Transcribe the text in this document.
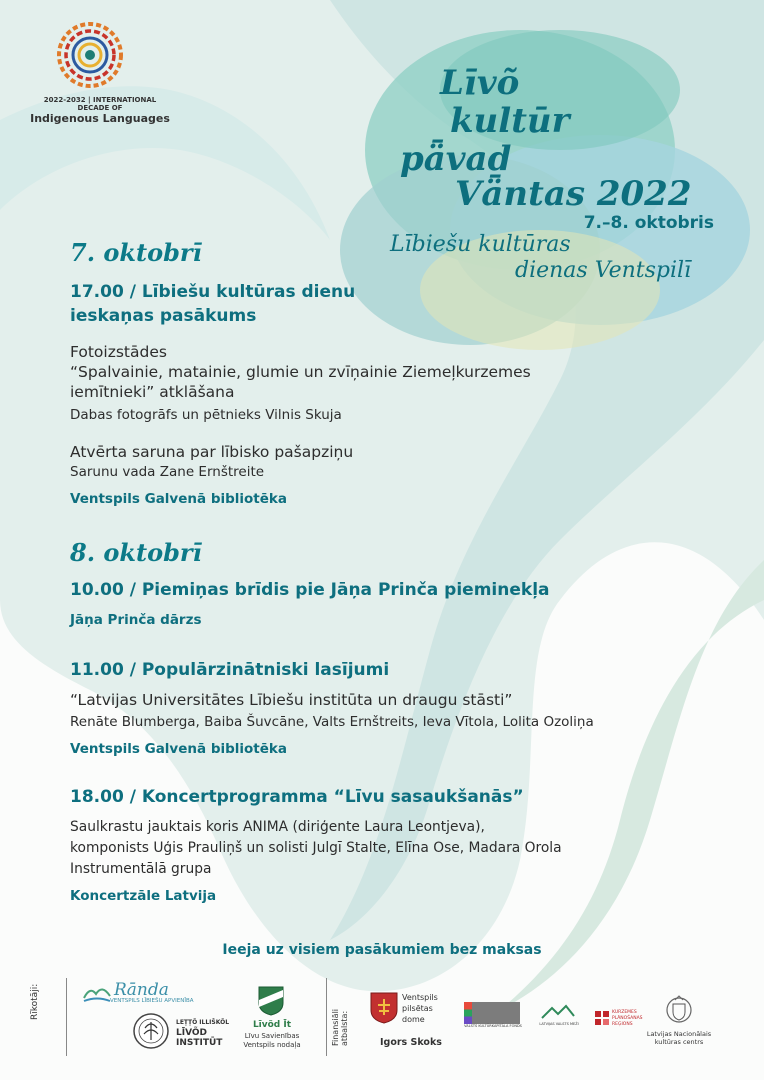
2022-2032 | INTERNATIONAL DECADE OF
Indigenous Languages
Līvõ
kultūr
pǟvad
Vǟntas 2022
7.–8. oktobris
Lībiešu kultūras
dienas Ventspilī
7. oktobrī
17.00 / Lībiešu kultūras dienu
ieskaņas pasākums
Fotoizstādes
“Spalvainie, matainie, glumie un zvīņainie Ziemeļkurzemes
iemītnieki” atklāšana
Dabas fotogrāfs un pētnieks Vilnis Skuja
Atvērta saruna par lībisko pašapziņu
Sarunu vada Zane Ernštreite
Ventspils Galvenā bibliotēka
8. oktobrī
10.00 / Piemiņas brīdis pie Jāņa Prinča pieminekļa
Jāņa Prinča dārzs
11.00 / Populārzinātniski lasījumi
“Latvijas Universitātes Lībiešu institūta un draugu stāsti”
Renāte Blumberga, Baiba Šuvcāne, Valts Ernštreits, Ieva Vītola, Lolita Ozoliņa
Ventspils Galvenā bibliotēka
18.00 / Koncertprogramma “Līvu sasaukšanās”
Saulkrastu jauktais koris ANIMA (diriģente Laura Leontjeva),
komponists Uģis Prauliņš un solisti Julgī Stalte, Elīna Ose, Madara Orola
Instrumentālā grupa
Koncertzāle Latvija
Ieeja uz visiem pasākumiem bez maksas
Rīkotāji:	Rānda
VENTSPILS LĪBIEŠU APVIENĪBA
LEṬṬÕ ILLIŠKÕL
LĪVÕD
INSTITŪT
Līvõd Īt
Līvu Savienības
Ventspils nodaļa	Finansiāli atbalsta:
Ventspils
pilsētas
dome
Igors Skoks
VALSTS KULTŪRKAPITĀLA FONDS	LATVIJAS VALSTS MEŽI
KURZEMES
PLĀNOŠANAS
REĢIONS
Latvijas Nacionālais
kultūras centrs
